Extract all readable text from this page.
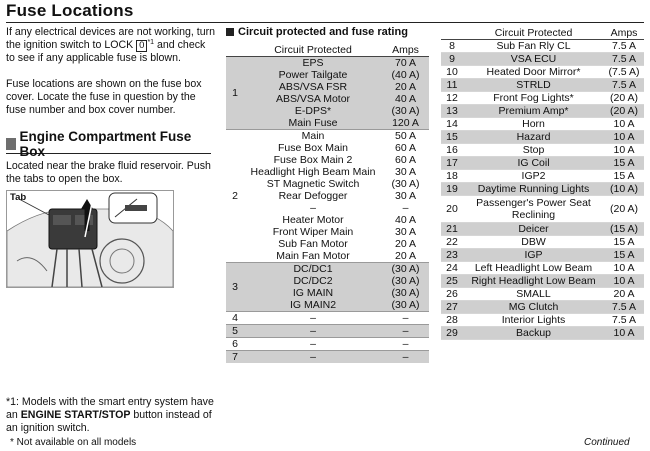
Fuse Locations

If any electrical devices are not working, turn the ignition switch to LOCK 0 $^{*1}$ and check to see if any applicable fuse is blown.

Fuse locations are shown on the fuse box cover. Locate the fuse in question by the fuse number and box cover number.

Engine Compartment Fuse Box
Located near the brake fluid reservoir. Push the tabs to open the box.
Tab
*1: Models with the smart entry system have an ENGINE START/STOP button instead of an ignition switch.
* Not available on all models
Circuit protected and fuse rating
	Circuit Protected	Amps
1	EPS	70 A
	Power Tailgate	(40 A)
	ABS/VSA FSR	20 A
	ABS/VSA Motor	40 A
	E-DPS*	(30 A)
	Main Fuse	120 A
2	Main	50 A
	Fuse Box Main	60 A
	Fuse Box Main 2	60 A
	Headlight High Beam Main	30 A
	ST Magnetic Switch	(30 A)
	Rear Defogger	30 A
	–	–
	Heater Motor	40 A
	Front Wiper Main	30 A
	Sub Fan Motor	20 A
	Main Fan Motor	20 A
3	DC/DC1	(30 A)
	DC/DC2	(30 A)
	IG MAIN	(30 A)
	IG MAIN2	(30 A)
4	–	–
5	–	–
6	–	–
7	–	–
	Circuit Protected	Amps
8	Sub Fan Rly CL	7.5 A
9	VSA ECU	7.5 A
10	Heated Door Mirror*	(7.5 A)
11	STRLD	7.5 A
12	Front Fog Lights*	(20 A)
13	Premium Amp*	(20 A)
14	Horn	10 A
15	Hazard	10 A
16	Stop	10 A
17	IG Coil	15 A
18	IGP2	15 A
19	Daytime Running Lights	(10 A)
20	Passenger's Power Seat Reclining	(20 A)
21	Deicer	(15 A)
22	DBW	15 A
23	IGP	15 A
24	Left Headlight Low Beam	10 A
25	Right Headlight Low Beam	10 A
26	SMALL	20 A
27	MG Clutch	7.5 A
28	Interior Lights	7.5 A
29	Backup	10 A
Continued
